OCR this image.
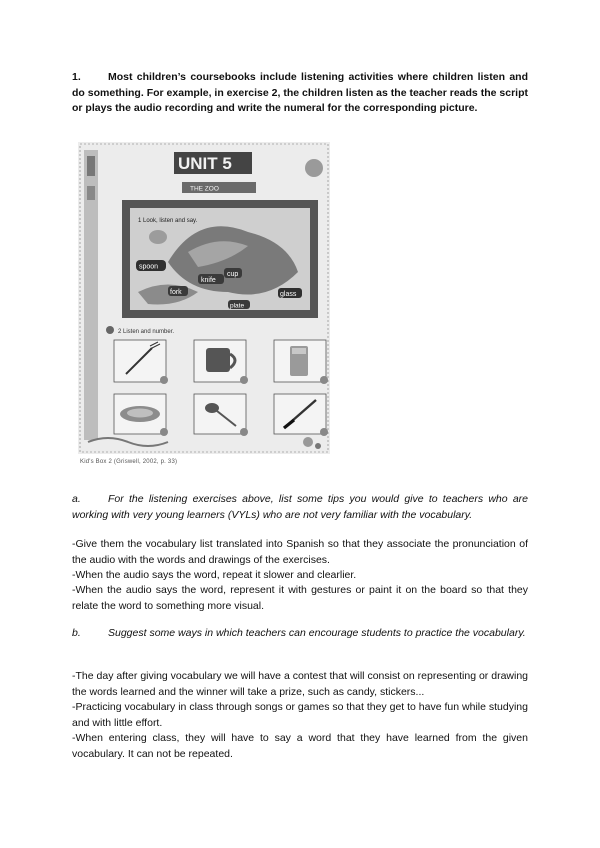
1.	Most children’s coursebooks include listening activities where children listen and do something. For example, in exercise 2, the children listen as the teacher reads the script or plays the audio recording and write the numeral for the corresponding picture.

UNIT 5
THE ZOO
1 Look, listen and say.
spoon
knife
cup
fork
plate
glass
2 Listen and number.
Kid's Box 2 (Griswell, 2002, p. 33)

a.	For the listening exercises above, list some tips you would give to teachers who are working with very young learners (VYLs) who are not very familiar with the vocabulary.

-Give them the vocabulary list translated into Spanish so that they associate the pronunciation of the audio with the words and drawings of the exercises.

-When the audio says the word, repeat it slower and clearlier.

-When the audio says the word, represent it with gestures or paint it on the board so that they relate the word to something more visual.

b.	Suggest some ways in which teachers can encourage students to practice the vocabulary.

-The day after giving vocabulary we will have a contest that will consist on representing or drawing the words learned and the winner will take a prize, such as candy, stickers...

-Practicing vocabulary in class through songs or games so that they get to have fun while studying and with little effort.

-When entering class, they will have to say a word that they have learned from the given vocabulary. It can not be repeated.
